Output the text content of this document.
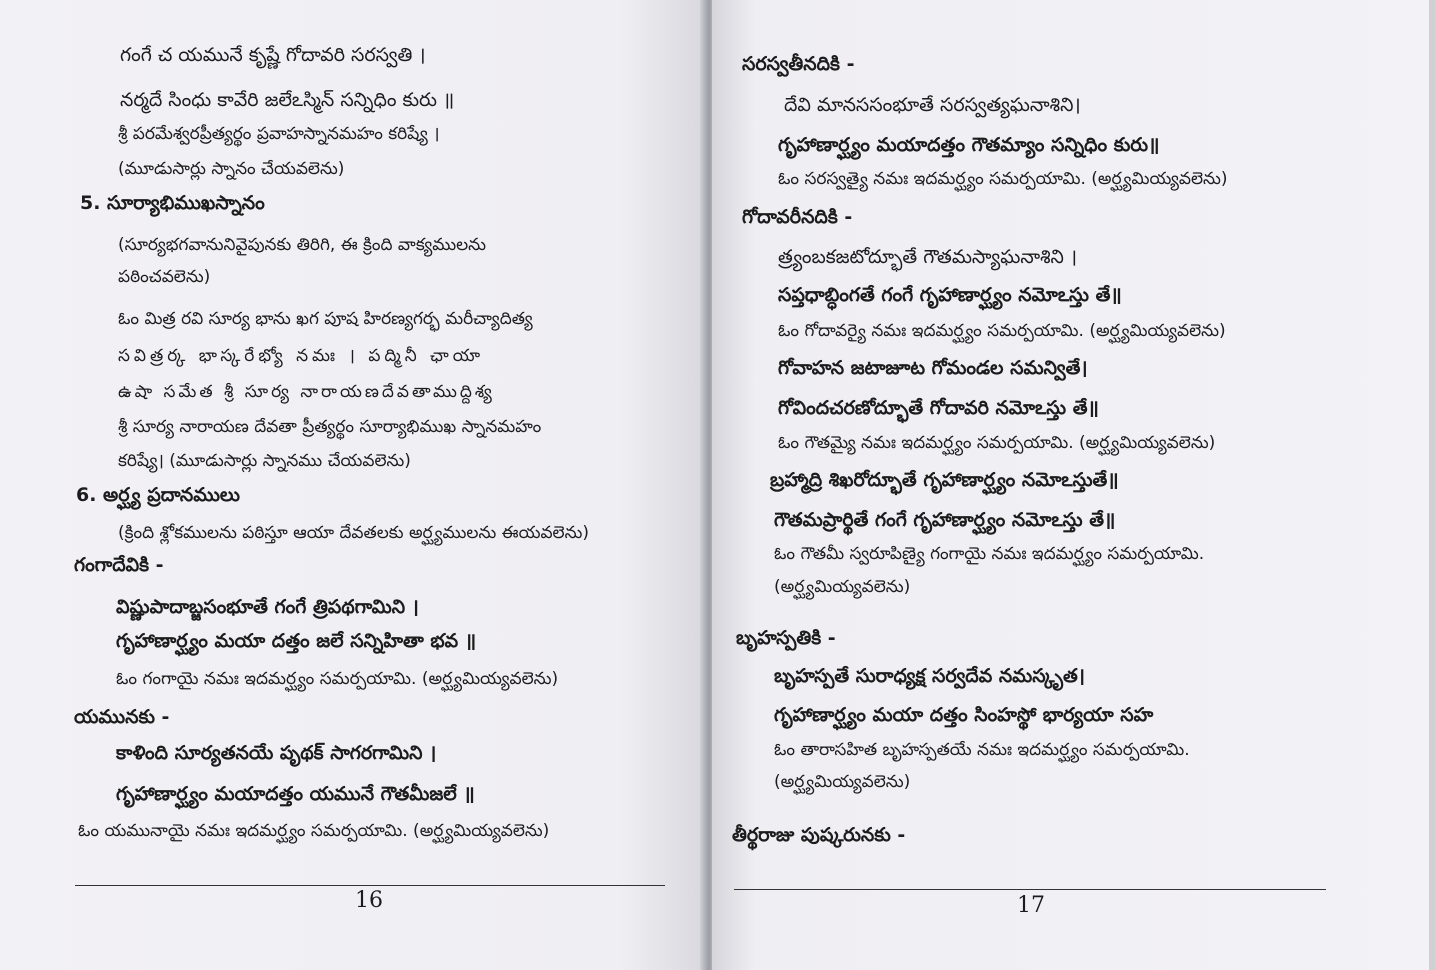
గంగే చ యమునే కృష్ణే గోదావరి సరస్వతి ।
నర్మదే సింధు కావేరి జలేఽస్మిన్ సన్నిధిం కురు ॥
శ్రీ పరమేశ్వరప్రీత్యర్థం ప్రవాహస్నానమహం కరిష్యే ।
(మూడుసార్లు స్నానం చేయవలెను)
5. సూర్యాభిముఖస్నానం
(సూర్యభగవానునివైపునకు తిరిగి, ఈ క్రింది వాక్యములను
పఠించవలెను)
ఓం మిత్ర రవి సూర్య భాను ఖగ పూష హిరణ్యగర్భ మరీచ్యాదిత్య
సవిత్రర్క భాస్కరేభ్యో నమః । పద్మినీ ఛాయా
ఉషా సమేత శ్రీ సూర్య నారాయణదేవతాముద్దిశ్య
శ్రీ సూర్య నారాయణ దేవతా ప్రీత్యర్థం సూర్యాభిముఖ స్నానమహం
కరిష్యే। (మూడుసార్లు స్నానము చేయవలెను)
6. అర్ఘ్య ప్రదానములు
(క్రింది శ్లోకములను పఠిస్తూ ఆయా దేవతలకు అర్ఘ్యములను ఈయవలెను)
గంగాదేవికి -
విష్ణుపాదాబ్జసంభూతే గంగే త్రిపథగామిని ।
గృహాణార్ఘ్యం మయా దత్తం జలే సన్నిహితా భవ ॥
ఓం గంగాయై నమః ఇదమర్ఘ్యం సమర్పయామి. (అర్ఘ్యమియ్యవలెను)
యమునకు -
కాళింది సూర్యతనయే పృథక్ సాగరగామిని ।
గృహాణార్ఘ్యం మయాదత్తం యమునే గౌతమీజలే ॥
ఓం యమునాయై నమః ఇదమర్ఘ్యం సమర్పయామి. (అర్ఘ్యమియ్యవలెను)
16
సరస్వతీనదికి -
దేవి మానససంభూతే సరస్వత్యఘనాశిని।
గృహాణార్ఘ్యం మయాదత్తం గౌతమ్యాం సన్నిధిం కురు॥
ఓం సరస్వత్యై నమః ఇదమర్ఘ్యం సమర్పయామి. (అర్ఘ్యమియ్యవలెను)
గోదావరీనదికి -
త్ర్యంబకజటోద్భూతే గౌతమస్యాఘనాశిని ।
సప్తధాబ్ధింగతే గంగే గృహాణార్ఘ్యం నమోఽస్తు తే॥
ఓం గోదావర్యై నమః ఇదమర్ఘ్యం సమర్పయామి. (అర్ఘ్యమియ్యవలెను)
గోవాహన జటాజూట గోమండల సమన్వితే।
గోవిందచరణోద్భూతే గోదావరి నమోఽస్తు తే॥
ఓం గౌతమ్యై నమః ఇదమర్ఘ్యం సమర్పయామి. (అర్ఘ్యమియ్యవలెను)
బ్రహ్మాద్రి శిఖరోద్భూతే గృహాణార్ఘ్యం నమోఽస్తుతే॥
గౌతమప్రార్థితే గంగే గృహాణార్ఘ్యం నమోఽస్తు తే॥
ఓం గౌతమీ స్వరూపిణ్యై గంగాయై నమః ఇదమర్ఘ్యం సమర్పయామి.
(అర్ఘ్యమియ్యవలెను)
బృహస్పతికి -
బృహస్పతే సురాధ్యక్ష సర్వదేవ నమస్కృత।
గృహాణార్ఘ్యం మయా దత్తం సింహస్థో భార్యయా సహ
ఓం తారాసహిత బృహస్పతయే నమః ఇదమర్ఘ్యం సమర్పయామి.
(అర్ఘ్యమియ్యవలెను)
తీర్థరాజు పుష్కరునకు -
17
